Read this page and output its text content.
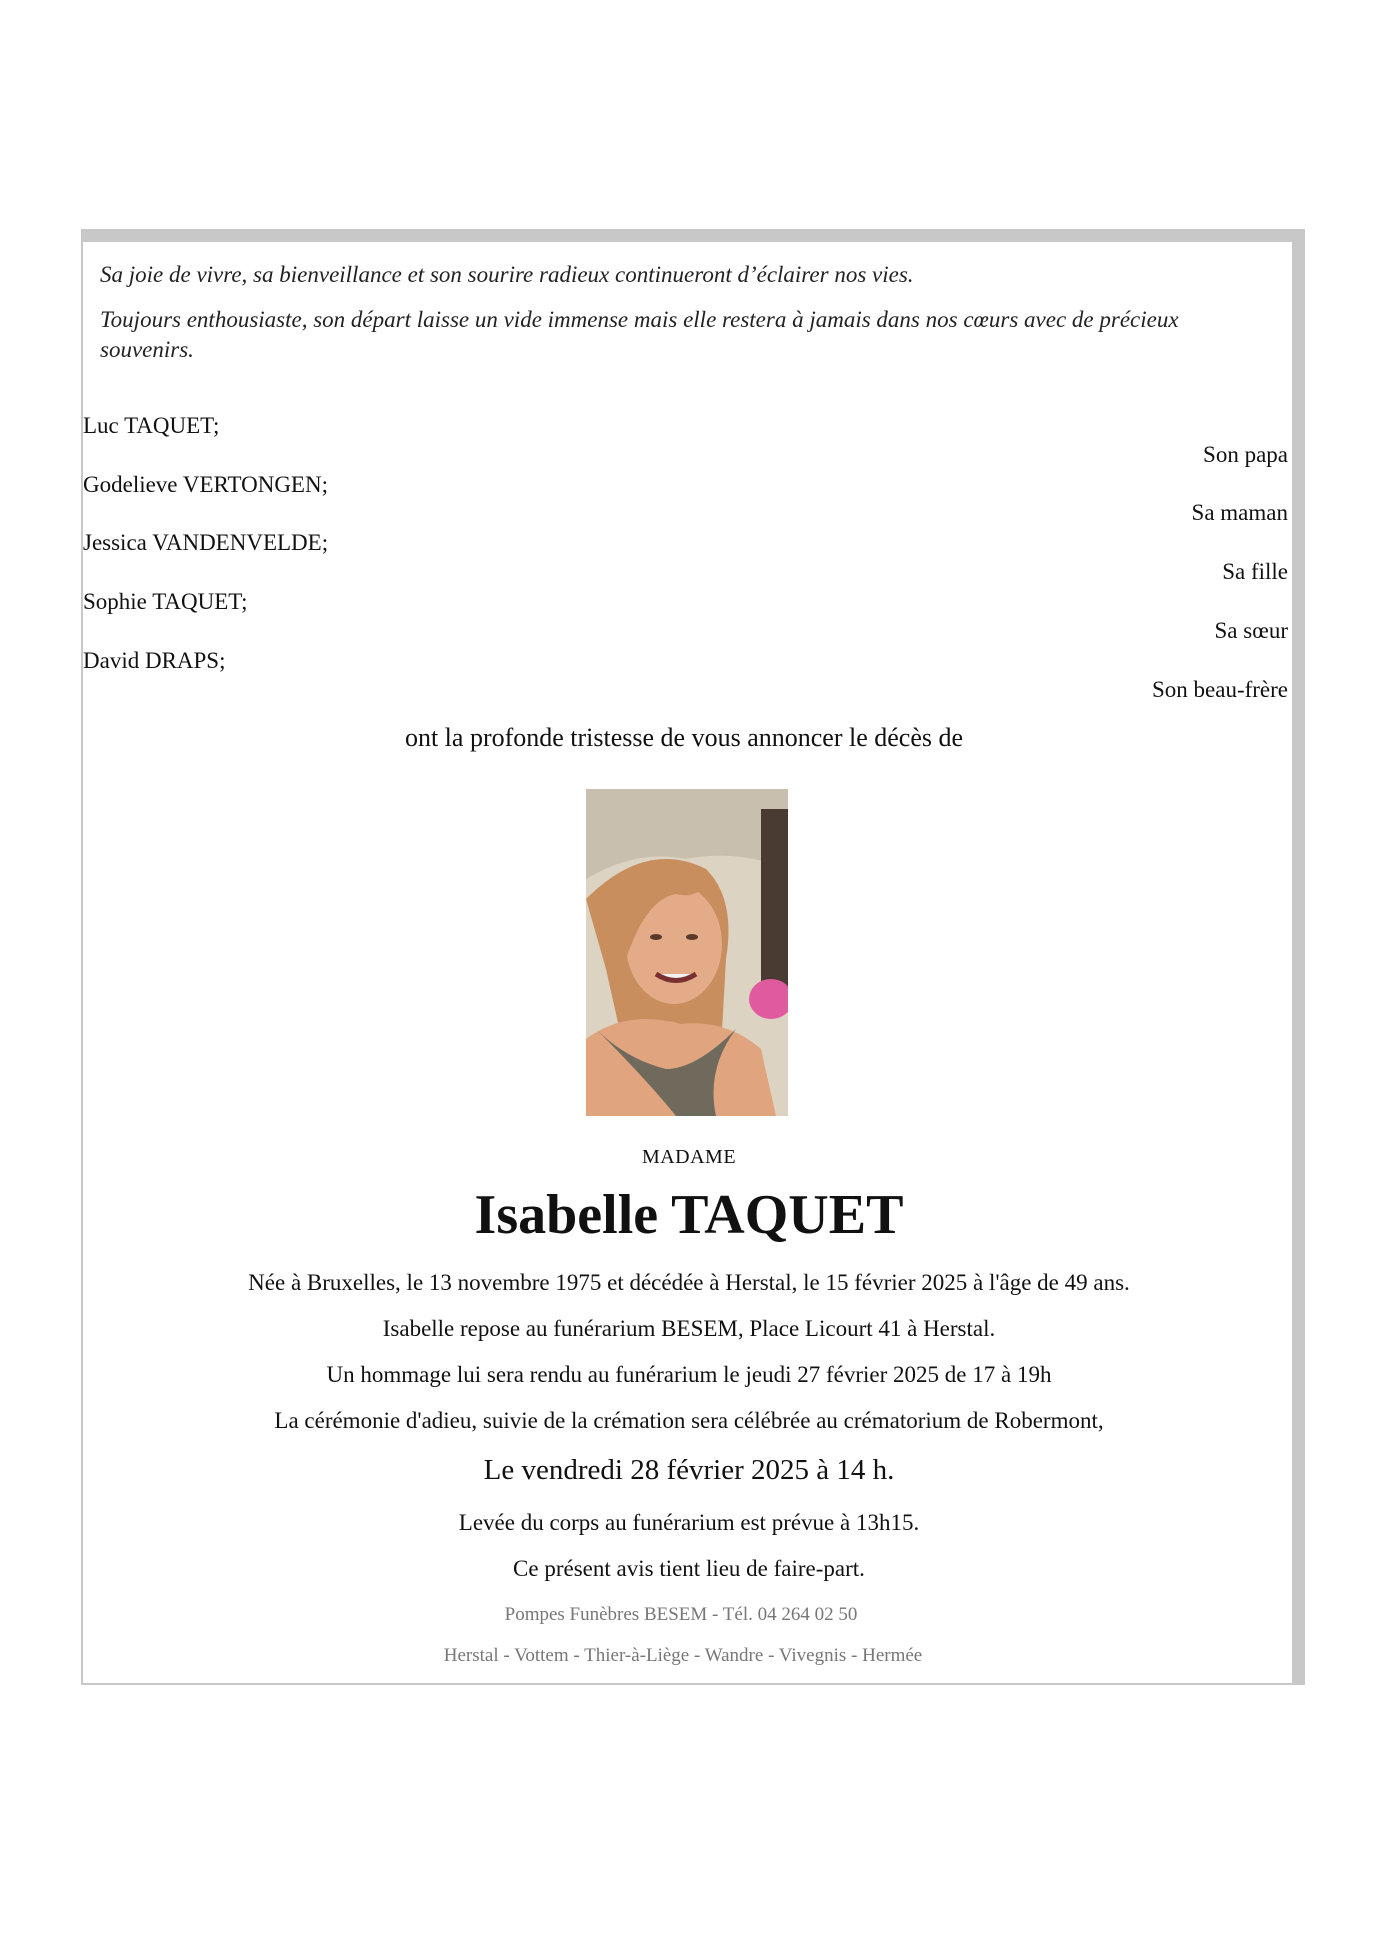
Sa joie de vivre, sa bienveillance et son sourire radieux continueront d’éclairer nos vies.
Toujours enthousiaste, son départ laisse un vide immense mais elle restera à jamais dans nos cœurs avec de précieux souvenirs.
Luc TAQUET;
Son papa
Godelieve VERTONGEN;
Sa maman
Jessica VANDENVELDE;
Sa fille
Sophie TAQUET;
Sa sœur
David DRAPS;
Son beau-frère
ont la profonde tristesse de vous annoncer le décès de
MADAME
Isabelle TAQUET
Née à Bruxelles, le 13 novembre 1975 et décédée à Herstal, le 15 février 2025 à l'âge de 49 ans.
Isabelle repose au funérarium BESEM, Place Licourt 41 à Herstal.
Un hommage lui sera rendu au funérarium le jeudi 27 février 2025 de 17 à 19h
La cérémonie d'adieu, suivie de la crémation sera célébrée au crématorium de Robermont,
Le vendredi 28 février 2025 à 14 h.
Levée du corps au funérarium est prévue à 13h15.
Ce présent avis tient lieu de faire-part.
Pompes Funèbres BESEM - Tél. 04 264 02 50
Herstal - Vottem - Thier-à-Liège - Wandre - Vivegnis - Hermée
